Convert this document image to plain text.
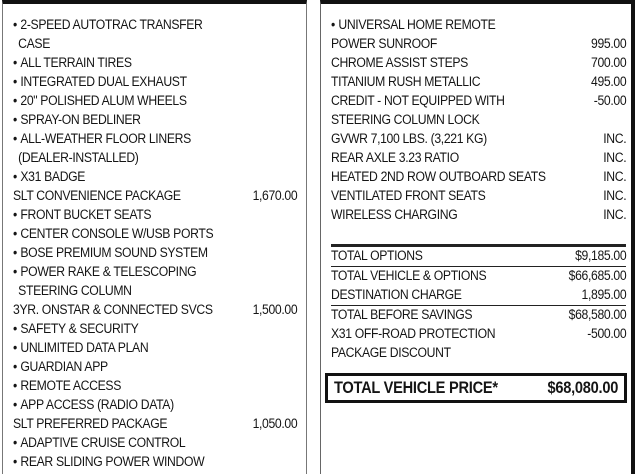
• 2-SPEED AUTOTRAC TRANSFER
CASE
• ALL TERRAIN TIRES
• INTEGRATED DUAL EXHAUST
• 20" POLISHED ALUM WHEELS
• SPRAY-ON BEDLINER
• ALL-WEATHER FLOOR LINERS
(DEALER-INSTALLED)
• X31 BADGE
SLT CONVENIENCE PACKAGE	1,670.00
• FRONT BUCKET SEATS
• CENTER CONSOLE W/USB PORTS
• BOSE PREMIUM SOUND SYSTEM
• POWER RAKE & TELESCOPING
STEERING COLUMN
3YR. ONSTAR & CONNECTED SVCS	1,500.00
• SAFETY & SECURITY
• UNLIMITED DATA PLAN
• GUARDIAN APP
• REMOTE ACCESS
• APP ACCESS (RADIO DATA)
SLT PREFERRED PACKAGE	1,050.00
• ADAPTIVE CRUISE CONTROL
• REAR SLIDING POWER WINDOW
• UNIVERSAL HOME REMOTE
POWER SUNROOF	995.00
CHROME ASSIST STEPS	700.00
TITANIUM RUSH METALLIC	495.00
CREDIT - NOT EQUIPPED WITH	-50.00
STEERING COLUMN LOCK
GVWR 7,100 LBS. (3,221 KG)	INC.
REAR AXLE 3.23 RATIO	INC.
HEATED 2ND ROW OUTBOARD SEATS	INC.
VENTILATED FRONT SEATS	INC.
WIRELESS CHARGING	INC.
TOTAL OPTIONS	$9,185.00
TOTAL VEHICLE & OPTIONS	$66,685.00
DESTINATION CHARGE	1,895.00
TOTAL BEFORE SAVINGS	$68,580.00
X31 OFF-ROAD PROTECTION	-500.00
PACKAGE DISCOUNT
TOTAL VEHICLE PRICE*	$68,080.00
